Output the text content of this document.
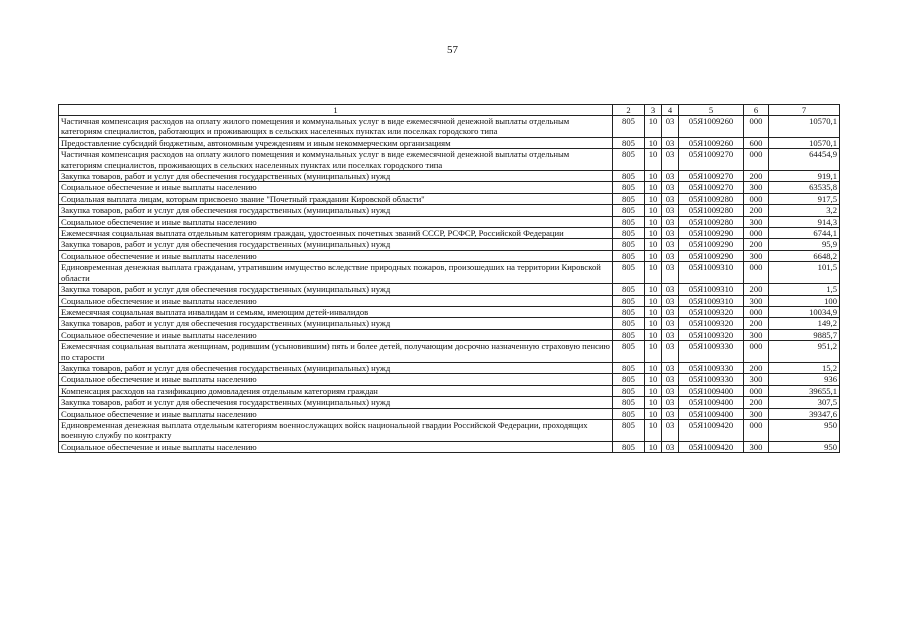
57
1	2	3	4	5	6	7
Частичная компенсация расходов на оплату жилого помещения и коммунальных услуг в виде ежемесячной денежной выплаты отдельным категориям специалистов, работающих и проживающих в сельских населенных пунктах или поселках городского типа	805	10	03	05Я1009260	000	10570,1
Предоставление субсидий бюджетным, автономным учреждениям и иным некоммерческим организациям	805	10	03	05Я1009260	600	10570,1
Частичная компенсация расходов на оплату жилого помещения и коммунальных услуг в виде ежемесячной денежной выплаты отдельным категориям специалистов, проживающих в сельских населенных пунктах или поселках городского типа	805	10	03	05Я1009270	000	64454,9
Закупка товаров, работ и услуг для обеспечения государственных (муниципальных) нужд	805	10	03	05Я1009270	200	919,1
Социальное обеспечение и иные выплаты населению	805	10	03	05Я1009270	300	63535,8
Социальная выплата лицам, которым присвоено звание "Почетный гражданин Кировской области"	805	10	03	05Я1009280	000	917,5
Закупка товаров, работ и услуг для обеспечения государственных (муниципальных) нужд	805	10	03	05Я1009280	200	3,2
Социальное обеспечение и иные выплаты населению	805	10	03	05Я1009280	300	914,3
Ежемесячная социальная выплата отдельным категориям граждан, удостоенных почетных званий СССР, РСФСР, Российской Федерации	805	10	03	05Я1009290	000	6744,1
Закупка товаров, работ и услуг для обеспечения государственных (муниципальных) нужд	805	10	03	05Я1009290	200	95,9
Социальное обеспечение и иные выплаты населению	805	10	03	05Я1009290	300	6648,2
Единовременная денежная выплата гражданам, утратившим имущество вследствие природных пожаров, произошедших на территории Кировской области	805	10	03	05Я1009310	000	101,5
Закупка товаров, работ и услуг для обеспечения государственных (муниципальных) нужд	805	10	03	05Я1009310	200	1,5
Социальное обеспечение и иные выплаты населению	805	10	03	05Я1009310	300	100
Ежемесячная социальная выплата инвалидам и семьям, имеющим детей-инвалидов	805	10	03	05Я1009320	000	10034,9
Закупка товаров, работ и услуг для обеспечения государственных (муниципальных) нужд	805	10	03	05Я1009320	200	149,2
Социальное обеспечение и иные выплаты населению	805	10	03	05Я1009320	300	9885,7
Ежемесячная социальная выплата женщинам, родившим (усыновившим) пять и более детей, получающим досрочно назначенную страховую пенсию по старости	805	10	03	05Я1009330	000	951,2
Закупка товаров, работ и услуг для обеспечения государственных (муниципальных) нужд	805	10	03	05Я1009330	200	15,2
Социальное обеспечение и иные выплаты населению	805	10	03	05Я1009330	300	936
Компенсация расходов на газификацию домовладения отдельным категориям граждан	805	10	03	05Я1009400	000	39655,1
Закупка товаров, работ и услуг для обеспечения государственных (муниципальных) нужд	805	10	03	05Я1009400	200	307,5
Социальное обеспечение и иные выплаты населению	805	10	03	05Я1009400	300	39347,6
Единовременная денежная выплата отдельным категориям военнослужащих войск национальной гвардии Российской Федерации, проходящих военную службу по контракту	805	10	03	05Я1009420	000	950
Социальное обеспечение и иные выплаты населению	805	10	03	05Я1009420	300	950
